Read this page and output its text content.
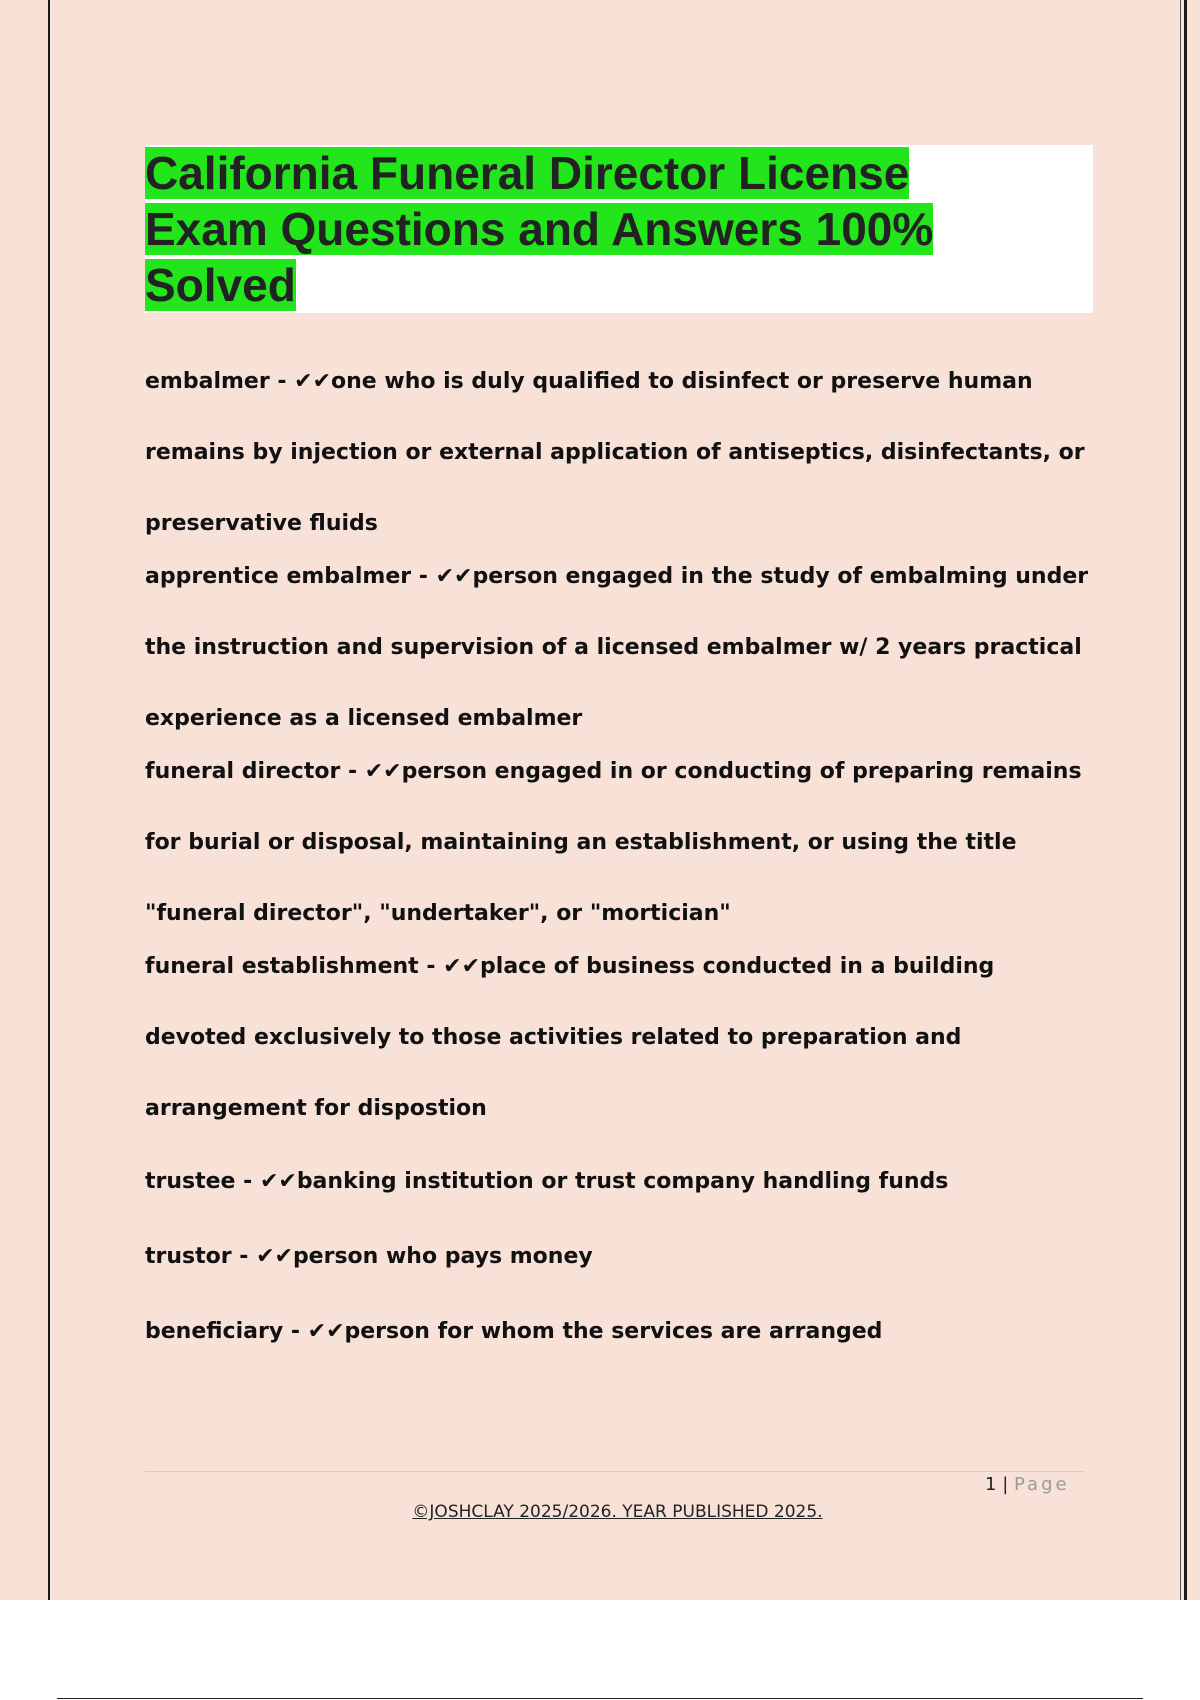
California Funeral Director License Exam Questions and Answers 100% Solved

embalmer - ✔✔one who is duly qualified to disinfect or preserve human remains by injection or external application of antiseptics, disinfectants, or preservative fluids

apprentice embalmer - ✔✔person engaged in the study of embalming under the instruction and supervision of a licensed embalmer w/ 2 years practical experience as a licensed embalmer

funeral director - ✔✔person engaged in or conducting of preparing remains for burial or disposal, maintaining an establishment, or using the title "funeral director", "undertaker", or "mortician"

funeral establishment - ✔✔place of business conducted in a building devoted exclusively to those activities related to preparation and arrangement for dispostion

trustee - ✔✔banking institution or trust company handling funds

trustor - ✔✔person who pays money

beneficiary - ✔✔person for whom the services are arranged

1 | Page
©JOSHCLAY 2025/2026. YEAR PUBLISHED 2025.
